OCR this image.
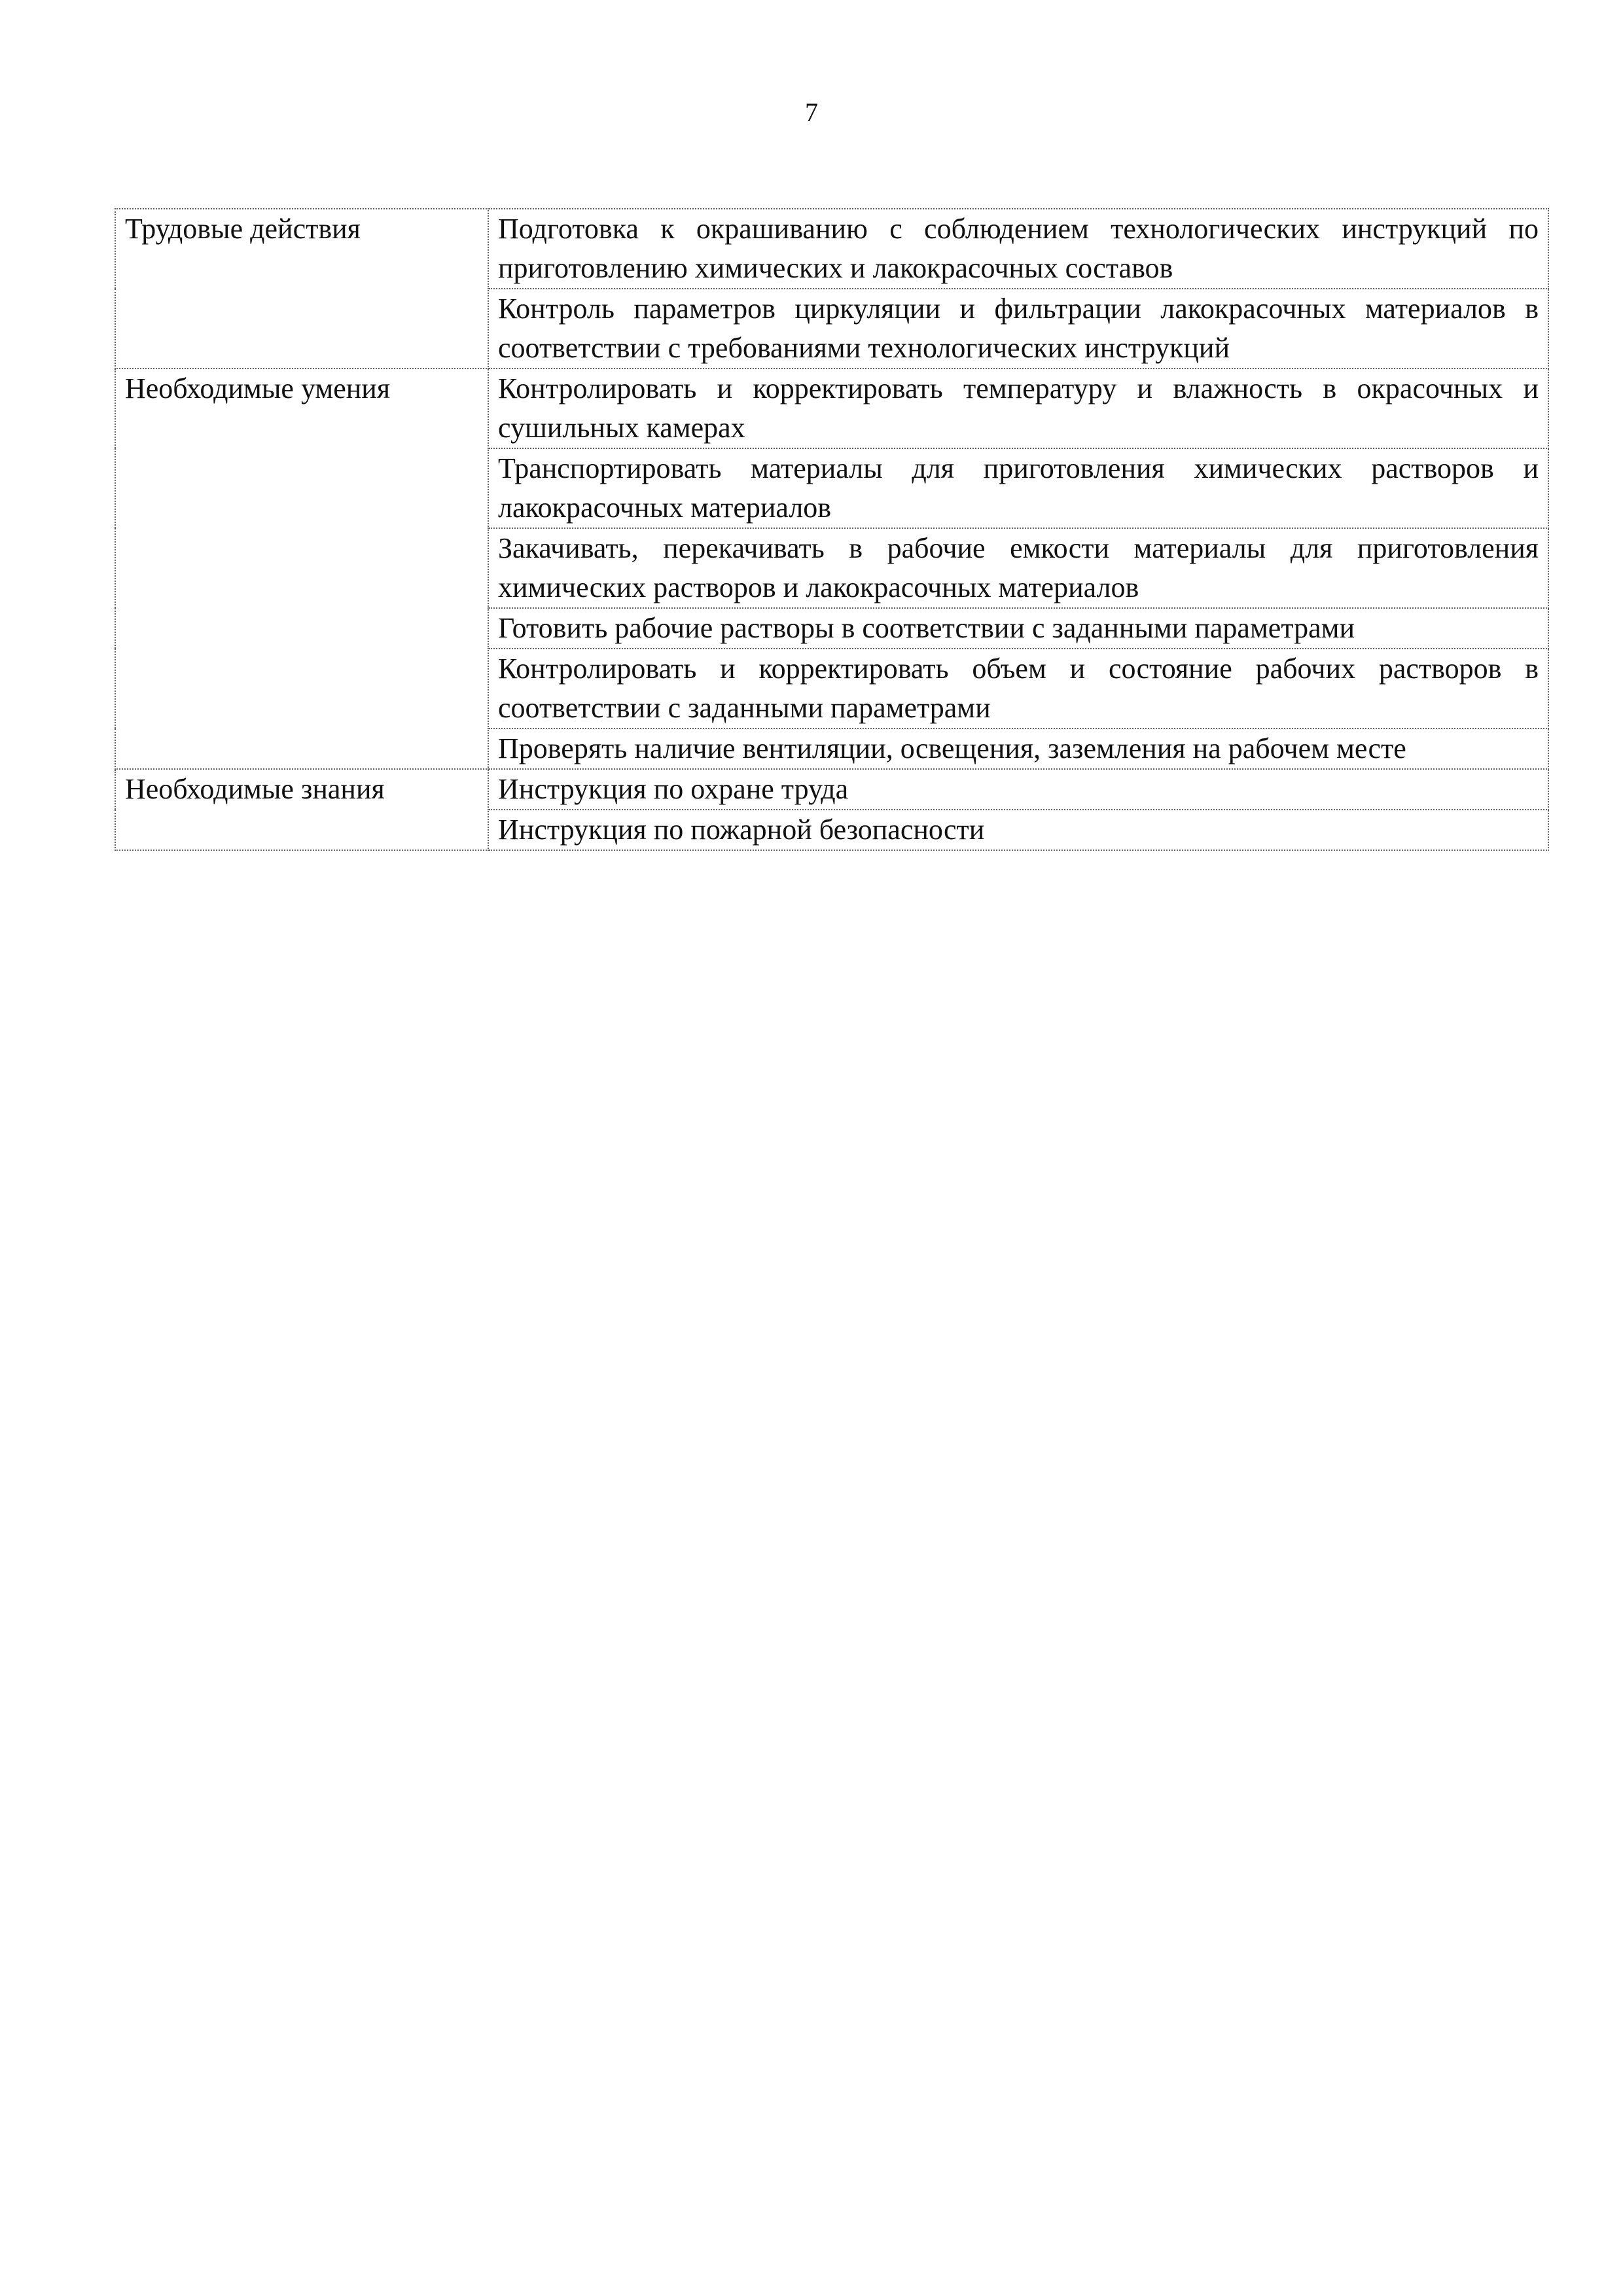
7
Трудовые действия	Подготовка к окрашиванию с соблюдением технологических инструкций по приготовлению химических и лакокрасочных составов
	Контроль параметров циркуляции и фильтрации лакокрасочных материалов в соответствии с требованиями технологических инструкций
Необходимые умения	Контролировать и корректировать температуру и влажность в окрасочных и сушильных камерах
	Транспортировать материалы для приготовления химических растворов и лакокрасочных материалов
	Закачивать, перекачивать в рабочие емкости материалы для приготовления химических растворов и лакокрасочных материалов
	Готовить рабочие растворы в соответствии с заданными параметрами
	Контролировать и корректировать объем и состояние рабочих растворов в соответствии с заданными параметрами
	Проверять наличие вентиляции, освещения, заземления на рабочем месте
Необходимые знания	Инструкция по охране труда
	Инструкция по пожарной безопасности
